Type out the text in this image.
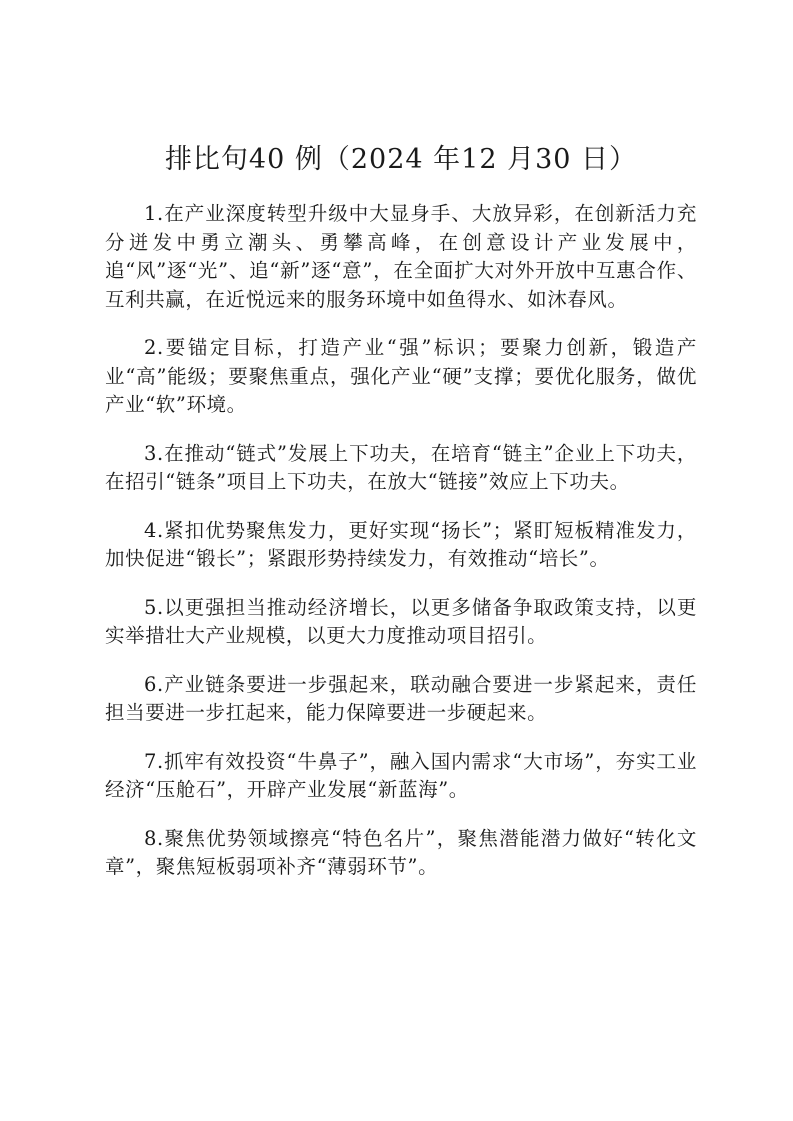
排比句40 例（2024 年12 月30 日）

1.在产业深度转型升级中大显身手、大放异彩，在创新活力充分迸发中勇立潮头、勇攀高峰，在创意设计产业发展中，追“风”逐“光”、追“新”逐“意”，在全面扩大对外开放中互惠合作、互利共赢，在近悦远来的服务环境中如鱼得水、如沐春风。

2.要锚定目标，打造产业“强”标识；要聚力创新，锻造产业“高”能级；要聚焦重点，强化产业“硬”支撑；要优化服务，做优产业“软”环境。

3.在推动“链式”发展上下功夫，在培育“链主”企业上下功夫，在招引“链条”项目上下功夫，在放大“链接”效应上下功夫。

4.紧扣优势聚焦发力，更好实现“扬长”；紧盯短板精准发力，加快促进“锻长”；紧跟形势持续发力，有效推动“培长”。

5.以更强担当推动经济增长，以更多储备争取政策支持，以更实举措壮大产业规模，以更大力度推动项目招引。

6.产业链条要进一步强起来，联动融合要进一步紧起来，责任担当要进一步扛起来，能力保障要进一步硬起来。

7.抓牢有效投资“牛鼻子”，融入国内需求“大市场”，夯实工业经济“压舱石”，开辟产业发展“新蓝海”。

8.聚焦优势领域擦亮“特色名片”，聚焦潜能潜力做好“转化文章”，聚焦短板弱项补齐“薄弱环节”。
